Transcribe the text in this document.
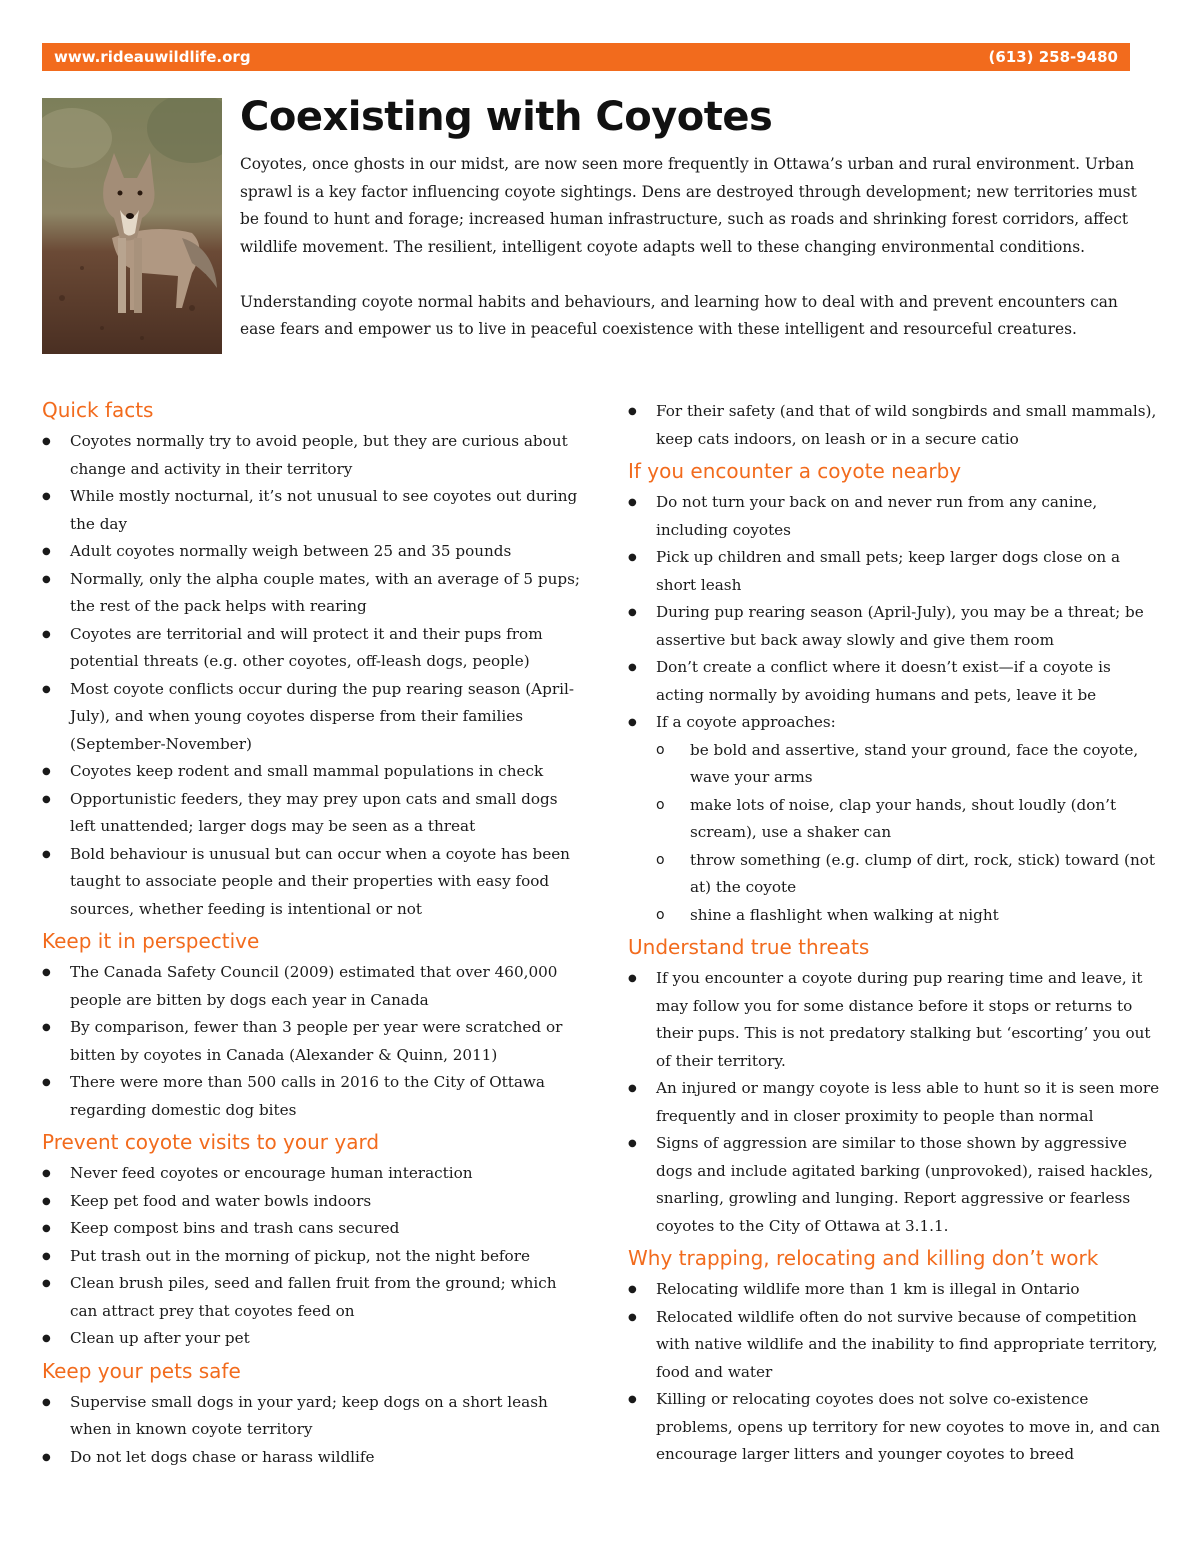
www.rideauwildlife.org	(613) 258-9480
Coexisting with Coyotes

Coyotes, once ghosts in our midst, are now seen more frequently in Ottawa’s urban and rural environment. Urban sprawl is a key factor influencing coyote sightings. Dens are destroyed through development; new territories must be found to hunt and forage; increased human infrastructure, such as roads and shrinking forest corridors, affect wildlife movement. The resilient, intelligent coyote adapts well to these changing environmental conditions.

Understanding coyote normal habits and behaviours, and learning how to deal with and prevent encounters can ease fears and empower us to live in peaceful coexistence with these intelligent and resourceful creatures.

Quick facts
● Coyotes normally try to avoid people, but they are curious about change and activity in their territory
● While mostly nocturnal, it’s not unusual to see coyotes out during the day
● Adult coyotes normally weigh between 25 and 35 pounds
● Normally, only the alpha couple mates, with an average of 5 pups; the rest of the pack helps with rearing
● Coyotes are territorial and will protect it and their pups from potential threats (e.g. other coyotes, off-leash dogs, people)
● Most coyote conflicts occur during the pup rearing season (April-July), and when young coyotes disperse from their families (September-November)
● Coyotes keep rodent and small mammal populations in check
● Opportunistic feeders, they may prey upon cats and small dogs left unattended; larger dogs may be seen as a threat
● Bold behaviour is unusual but can occur when a coyote has been taught to associate people and their properties with easy food sources, whether feeding is intentional or not
Keep it in perspective
● The Canada Safety Council (2009) estimated that over 460,000 people are bitten by dogs each year in Canada
● By comparison, fewer than 3 people per year were scratched or bitten by coyotes in Canada (Alexander & Quinn, 2011)
● There were more than 500 calls in 2016 to the City of Ottawa regarding domestic dog bites
Prevent coyote visits to your yard
● Never feed coyotes or encourage human interaction
● Keep pet food and water bowls indoors
● Keep compost bins and trash cans secured
● Put trash out in the morning of pickup, not the night before
● Clean brush piles, seed and fallen fruit from the ground; which can attract prey that coyotes feed on
● Clean up after your pet
Keep your pets safe
● Supervise small dogs in your yard; keep dogs on a short leash when in known coyote territory
● Do not let dogs chase or harass wildlife
● For their safety (and that of wild songbirds and small mammals), keep cats indoors, on leash or in a secure catio
If you encounter a coyote nearby
● Do not turn your back on and never run from any canine, including coyotes
● Pick up children and small pets; keep larger dogs close on a short leash
● During pup rearing season (April-July), you may be a threat; be assertive but back away slowly and give them room
● Don’t create a conflict where it doesn’t exist—if a coyote is acting normally by avoiding humans and pets, leave it be
● If a coyote approaches:
o be bold and assertive, stand your ground, face the coyote, wave your arms
o make lots of noise, clap your hands, shout loudly (don’t scream), use a shaker can
o throw something (e.g. clump of dirt, rock, stick) toward (not at) the coyote
o shine a flashlight when walking at night
Understand true threats
● If you encounter a coyote during pup rearing time and leave, it may follow you for some distance before it stops or returns to their pups. This is not predatory stalking but ‘escorting’ you out of their territory.
● An injured or mangy coyote is less able to hunt so it is seen more frequently and in closer proximity to people than normal
● Signs of aggression are similar to those shown by aggressive dogs and include agitated barking (unprovoked), raised hackles, snarling, growling and lunging. Report aggressive or fearless coyotes to the City of Ottawa at 3.1.1.
Why trapping, relocating and killing don’t work
● Relocating wildlife more than 1 km is illegal in Ontario
● Relocated wildlife often do not survive because of competition with native wildlife and the inability to find appropriate territory, food and water
● Killing or relocating coyotes does not solve co-existence problems, opens up territory for new coyotes to move in, and can encourage larger litters and younger coyotes to breed
